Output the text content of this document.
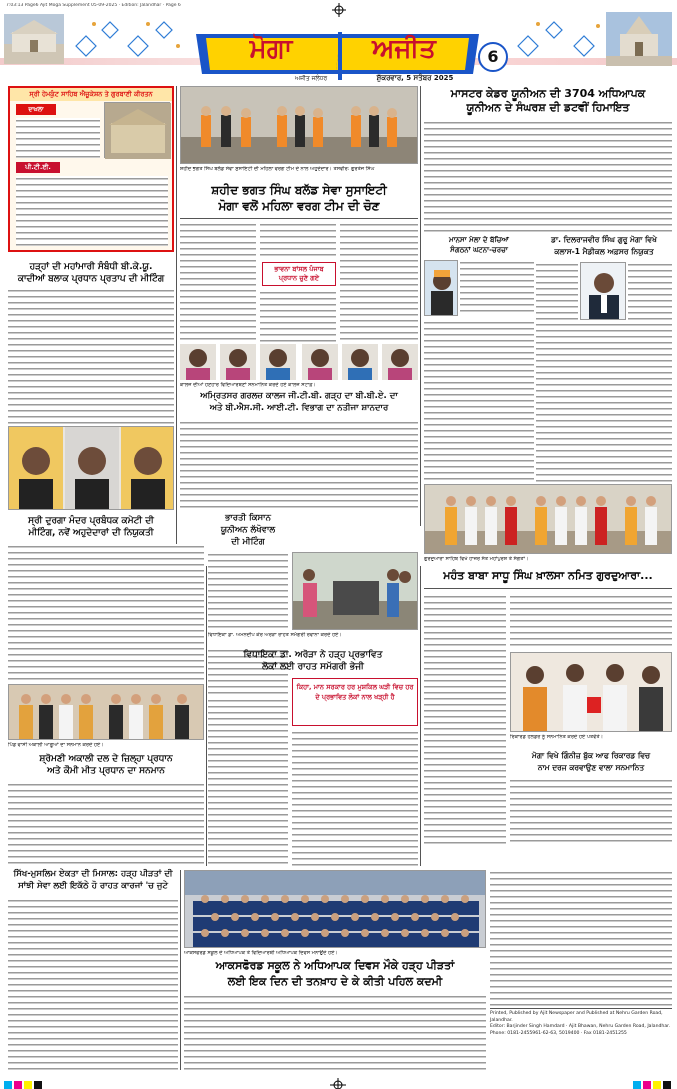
7:03:13 Page6 Ajit Moga Supplement 05-09-2025 · Edition: Jalandhar · Page 6
ਮੋਗਾ	ਅਜੀਤ
ਅਜੀਤ ਜਲੰਧਰ	ਸ਼ੁੱਕਰਵਾਰ, 5 ਸਤੰਬਰ 2025
6
ਸ੍ਰੀ ਹੇਮਕੁੰਟ ਸਾਹਿਬ ਐਜੂਕੇਸ਼ਨ ਤੇ ਗੁਰਬਾਣੀ ਕੀਰਤਨ
ਦਾਖ਼ਲਾ
ਪੀ.ਟੀ.ਈ.	ਸ਼ਹੀਦ ਭਗਤ ਸਿੰਘ ਬਲੱਡ ਸੇਵਾ ਸੁਸਾਇਟੀ ਦੀ ਮਹਿਲਾ ਵਰਗ ਟੀਮ ਦੇ ਨਾਲ ਅਹੁਦੇਦਾਰ। ਤਸਵੀਰ: ਗੁਰਤੇਜ ਸਿੰਘ
ਮਾਸਟਰ ਕੇਡਰ ਯੂਨੀਅਨ ਦੀ 3704 ਅਧਿਆਪਕ
ਯੂਨੀਅਨ ਦੇ ਸੰਘਰਸ਼ ਦੀ ਡਟਵੀਂ ਹਿਮਾਇਤ
ਹੜ੍ਹਾਂ ਦੀ ਮਹਾਂਮਾਰੀ ਸੰਬੰਧੀ ਬੀ.ਕੇ.ਯੂ.
ਕਾਦੀਆਂ ਬਲਾਕ ਪ੍ਰਧਾਨ ਪ੍ਰਤਾਪ ਦੀ ਮੀਟਿੰਗ
ਸ੍ਰੀ ਦੁਰਗਾ ਮੰਦਰ ਪ੍ਰਬੰਧਕ ਕਮੇਟੀ ਦੀ
ਮੀਟਿੰਗ, ਨਵੇਂ ਅਹੁਦੇਦਾਰਾਂ ਦੀ ਨਿਯੁਕਤੀ
ਸ਼ਹੀਦ ਭਗਤ ਸਿੰਘ ਬਲੱਡ ਸੇਵਾ ਸੁਸਾਇਟੀ
ਮੋਗਾ ਵਲੋਂ ਮਹਿਲਾ ਵਰਗ ਟੀਮ ਦੀ ਚੋਣ
ਭਾਵਨਾ ਬਾਂਸਲ ਪੰਜਾਬ ਪ੍ਰਧਾਨ ਚੁਣੇ ਗਏ
ਕਾਲਜ ਦੀਆਂ ਹੋਣਹਾਰ ਵਿਦਿਆਰਥਣਾਂ ਸਨਮਾਨਿਤ ਕਰਦੇ ਹੋਏ ਕਾਲਜ ਸਟਾਫ਼।
ਅਮ੍ਰਿਤਸਰ ਗਰਲਜ਼ ਕਾਲਜ ਜੀ.ਟੀ.ਬੀ. ਗੜ੍ਹ ਦਾ ਬੀ.ਬੀ.ਏ. ਦਾ
ਅਤੇ ਬੀ.ਐਸ.ਸੀ. ਆਈ.ਟੀ. ਵਿਭਾਗ ਦਾ ਨਤੀਜਾ ਸ਼ਾਨਦਾਰ
ਭਾਰਤੀ ਕਿਸਾਨ
ਯੂਨੀਅਨ ਲੱਖੋਵਾਲ
ਦੀ ਮੀਟਿੰਗ
ਮਾਨਸਾ ਮੇਲਾ ਦੇ ਬੱਚਿਆਂ
ਸੰਗਠਨਾਂ ਘਟਨਾ-ਚਰਚਾ
ਡਾ. ਦਿਲਰਾਜਵੀਰ ਸਿੰਘ ਗੁਰੂ ਮੋਗਾ ਵਿਖੇ
ਕਲਾਸ-1 ਮੈਡੀਕਲ ਅਫ਼ਸਰ ਨਿਯੁਕਤ
ਗੁਰਦੁਆਰਾ ਸਾਹਿਬ ਵਿਖੇ ਹਾਜ਼ਰ ਸੰਤ ਮਹਾਂਪੁਰਸ਼ ਤੇ ਸੰਗਤਾਂ।
ਮਹੰਤ ਬਾਬਾ ਸਾਧੂ ਸਿੰਘ ਖ਼ਾਲਸਾ ਨਮਿਤ ਗੁਰਦੁਆਰਾ...
ਰਿਕਾਰਡ ਹੋਲਡਰ ਨੂੰ ਸਨਮਾਨਿਤ ਕਰਦੇ ਹੋਏ ਪਤਵੰਤੇ।
ਮੋਗਾ ਵਿਖੇ ਗਿੰਨੀਜ਼ ਬੁੱਕ ਆਫ ਰਿਕਾਰਡ ਵਿਚ
ਨਾਮ ਦਰਜ ਕਰਵਾਉਣ ਵਾਲਾ ਸਨਮਾਨਿਤ
ਵਿਧਾਇਕਾ ਡਾ. ਅਮਨਦੀਪ ਕੌਰ ਅਰੋੜਾ ਰਾਹਤ ਸਮੱਗਰੀ ਰਵਾਨਾ ਕਰਦੇ ਹੋਏ।
ਵਿਧਾਇਕਾ ਡਾ. ਅਰੋੜਾ ਨੇ ਹੜ੍ਹ ਪ੍ਰਭਾਵਿਤ
ਲੋਕਾਂ ਲਈ ਰਾਹਤ ਸਮੱਗਰੀ ਭੇਜੀ
ਕਿਹਾ, ਮਾਨ ਸਰਕਾਰ ਹਰ ਮੁਸ਼ਕਿਲ ਘੜੀ ਵਿਚ ਹਰ ਦੇ ਪ੍ਰਭਾਵਿਤ ਲੋਕਾਂ ਨਾਲ ਖੜ੍ਹੀ ਹੈ
ਪਿੰਡ ਵਾਸੀ ਅਕਾਲੀ ਆਗੂਆਂ ਦਾ ਸਨਮਾਨ ਕਰਦੇ ਹੋਏ।
ਸ਼੍ਰੋਮਣੀ ਅਕਾਲੀ ਦਲ ਦੇ ਜ਼ਿਲ੍ਹਾ ਪ੍ਰਧਾਨ
ਅਤੇ ਕੌਮੀ ਮੀਤ ਪ੍ਰਧਾਨ ਦਾ ਸਨਮਾਨ
ਸਿੱਖ-ਮੁਸਲਿਮ ਏਕਤਾ ਦੀ ਮਿਸਾਲ: ਹੜ੍ਹ ਪੀੜਤਾਂ ਦੀ
ਸਾਂਝੀ ਸੇਵਾ ਲਈ ਇਕੱਠੇ ਹੋ ਰਾਹਤ ਕਾਰਜਾਂ 'ਚ ਜੁਟੇ
ਆਕਸਫੋਰਡ ਸਕੂਲ ਦੇ ਅਧਿਆਪਕ ਤੇ ਵਿਦਿਆਰਥੀ ਅਧਿਆਪਕ ਦਿਵਸ ਮਨਾਉਂਦੇ ਹੋਏ।
ਆਕਸਫੋਰਡ ਸਕੂਲ ਨੇ ਅਧਿਆਪਕ ਦਿਵਸ ਮੌਕੇ ਹੜ੍ਹ ਪੀੜਤਾਂ
ਲਈ ਇਕ ਦਿਨ ਦੀ ਤਨਖ਼ਾਹ ਦੇ ਕੇ ਕੀਤੀ ਪਹਿਲ ਕਦਮੀ
Printed, Published by Ajit Newspaper and Published at Nehru Garden Road, Jalandhar.
Editor: Barjinder Singh Hamdard · Ajit Bhawan, Nehru Garden Road, Jalandhar.
Phone: 0181-2455961-62-63, 5019400 · Fax 0181-2451255
